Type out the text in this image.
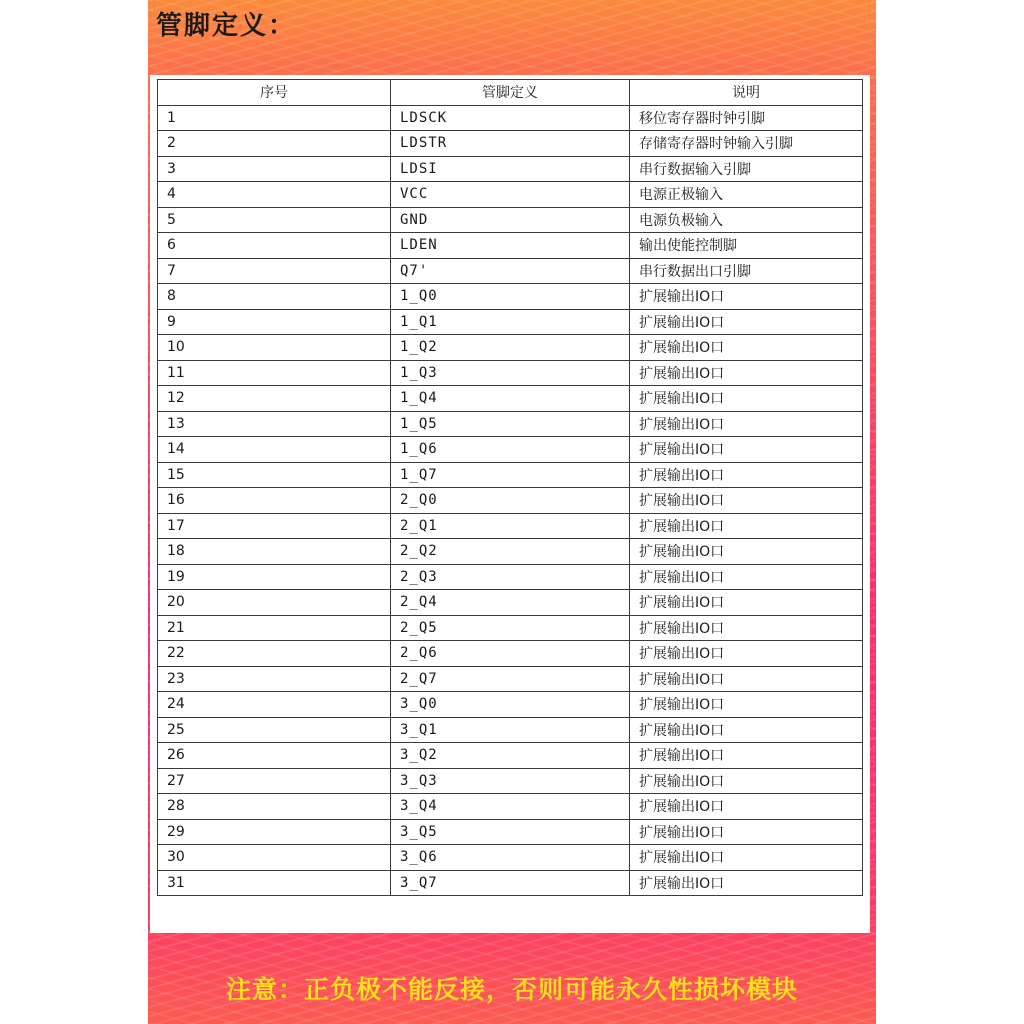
管脚定义：
序号	管脚定义	说明
1	LDSCK	移位寄存器时钟引脚
2	LDSTR	存储寄存器时钟输入引脚
3	LDSI	串行数据输入引脚
4	VCC	电源正极输入
5	GND	电源负极输入
6	LDEN	输出使能控制脚
7	Q7'	串行数据出口引脚
8	1_Q0	扩展输出IO口
9	1_Q1	扩展输出IO口
10	1_Q2	扩展输出IO口
11	1_Q3	扩展输出IO口
12	1_Q4	扩展输出IO口
13	1_Q5	扩展输出IO口
14	1_Q6	扩展输出IO口
15	1_Q7	扩展输出IO口
16	2_Q0	扩展输出IO口
17	2_Q1	扩展输出IO口
18	2_Q2	扩展输出IO口
19	2_Q3	扩展输出IO口
20	2_Q4	扩展输出IO口
21	2_Q5	扩展输出IO口
22	2_Q6	扩展输出IO口
23	2_Q7	扩展输出IO口
24	3_Q0	扩展输出IO口
25	3_Q1	扩展输出IO口
26	3_Q2	扩展输出IO口
27	3_Q3	扩展输出IO口
28	3_Q4	扩展输出IO口
29	3_Q5	扩展输出IO口
30	3_Q6	扩展输出IO口
31	3_Q7	扩展输出IO口
注意：正负极不能反接，否则可能永久性损坏模块
